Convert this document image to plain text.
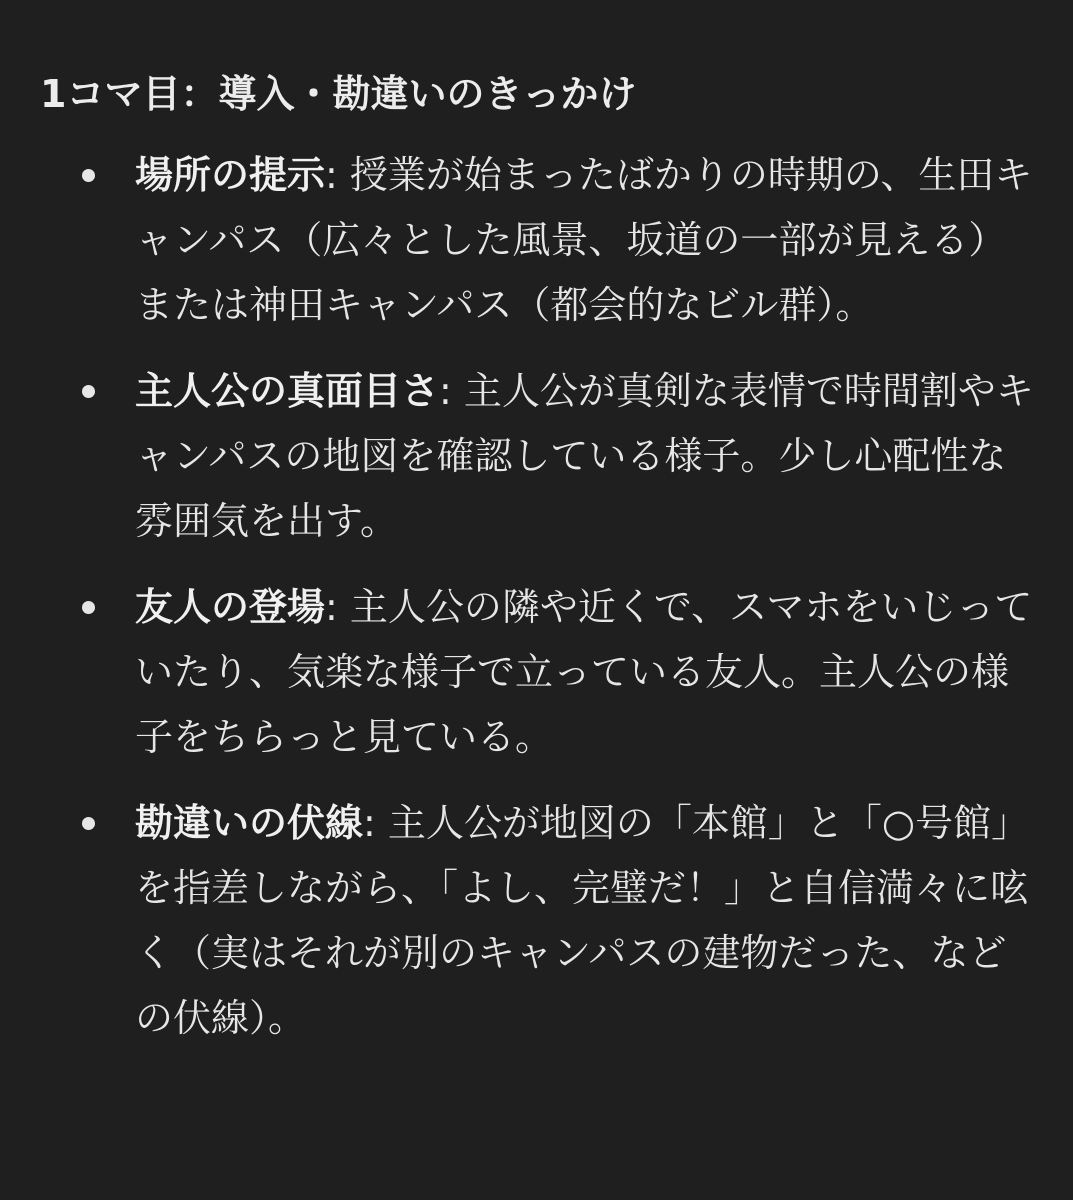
1コマ目：導入・勘違いのきっかけ

場所の提示: 授業が始まったばかりの時期の、生田キャンパス（広々とした風景、坂道の一部が見える）または神田キャンパス（都会的なビル群）。
主人公の真面目さ: 主人公が真剣な表情で時間割やキャンパスの地図を確認している様子。少し心配性な雰囲気を出す。
友人の登場: 主人公の隣や近くで、スマホをいじっていたり、気楽な様子で立っている友人。主人公の様子をちらっと見ている。
勘違いの伏線: 主人公が地図の「本館」と「○号館」を指差しながら、「よし、完璧だ！」と自信満々に呟く（実はそれが別のキャンパスの建物だった、などの伏線）。
